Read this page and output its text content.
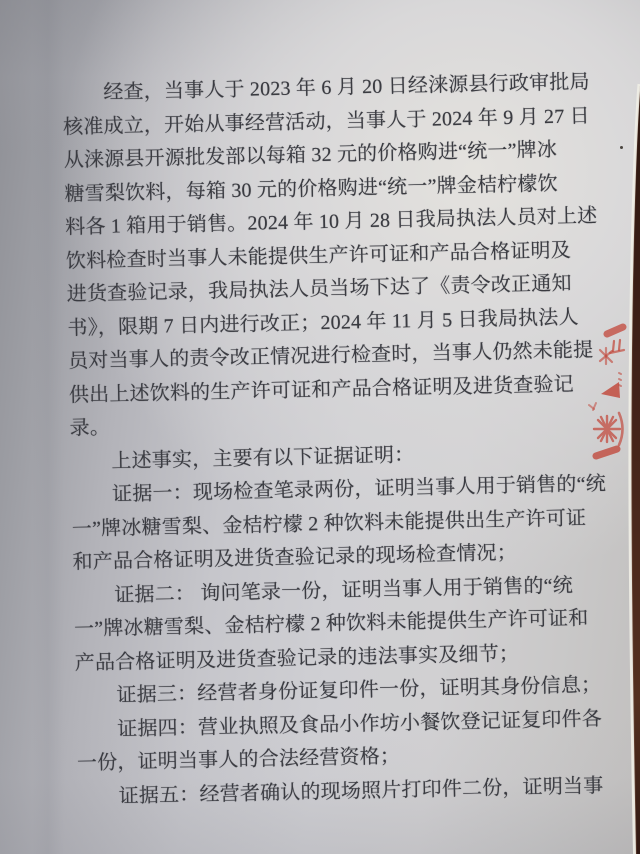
经查，当事人于 2023 年 6 月 20 日经涞源县行政审批局
核准成立，开始从事经营活动，当事人于 2024 年 9 月 27 日
从涞源县开源批发部以每箱 32 元的价格购进“统一”牌冰
糖雪梨饮料，每箱 30 元的价格购进“统一”牌金桔柠檬饮
料各 1 箱用于销售。2024 年 10 月 28 日我局执法人员对上述
饮料检查时当事人未能提供生产许可证和产品合格证明及
进货查验记录，我局执法人员当场下达了《责令改正通知
书》，限期 7 日内进行改正；2024 年 11 月 5 日我局执法人
员对当事人的责令改正情况进行检查时，当事人仍然未能提
供出上述饮料的生产许可证和产品合格证明及进货查验记
录。
上述事实，主要有以下证据证明：
证据一：现场检查笔录两份，证明当事人用于销售的“统
一”牌冰糖雪梨、金桔柠檬 2 种饮料未能提供出生产许可证
和产品合格证明及进货查验记录的现场检查情况；
证据二： 询问笔录一份，证明当事人用于销售的“统
一”牌冰糖雪梨、金桔柠檬 2 种饮料未能提供生产许可证和
产品合格证明及进货查验记录的违法事实及细节；
证据三：经营者身份证复印件一份，证明其身份信息；
证据四：营业执照及食品小作坊小餐饮登记证复印件各
一份，证明当事人的合法经营资格；
证据五：经营者确认的现场照片打印件二份，证明当事
